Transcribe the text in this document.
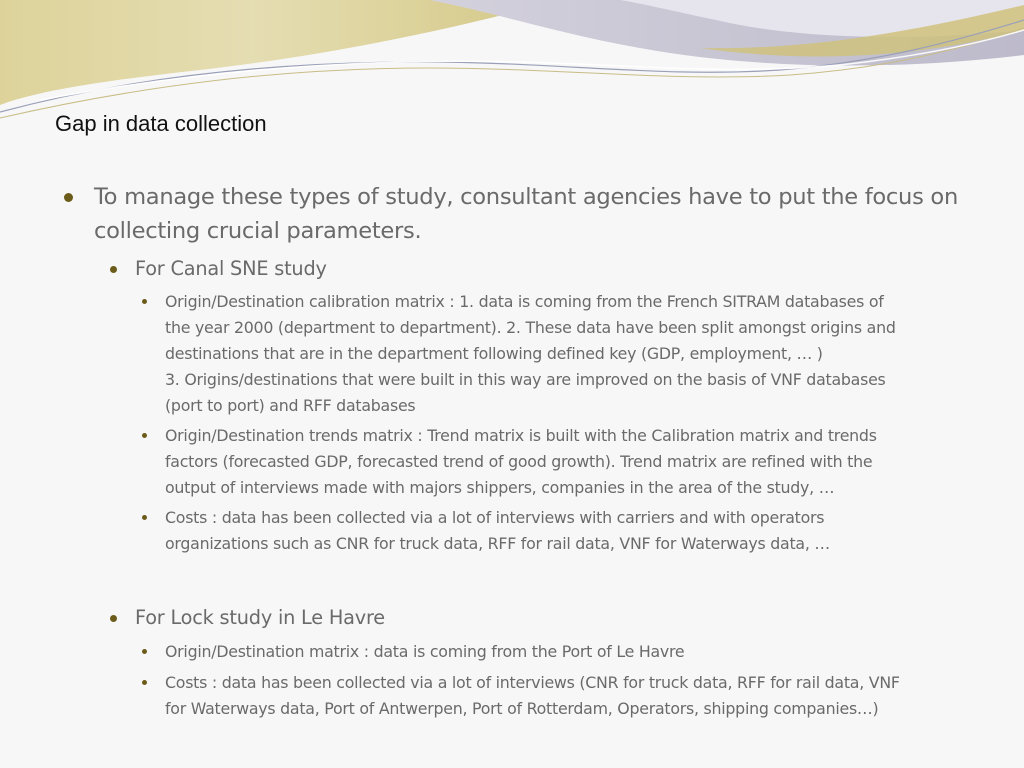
Gap in data collection

To manage these types of study, consultant agencies have to put the focus on
collecting crucial parameters.

For Canal SNE study

Origin/Destination calibration matrix : 1. data is coming from the French SITRAM databases of
the year 2000 (department to department). 2. These data have been split amongst origins and
destinations that are in the department following defined key (GDP, employment, … )
3. Origins/destinations that were built in this way are improved on the basis of VNF databases
(port to port) and RFF databases

Origin/Destination trends matrix : Trend matrix is built with the Calibration matrix and trends
factors (forecasted GDP, forecasted trend of good growth). Trend matrix are refined with the
output of interviews made with majors shippers, companies in the area of the study, …

Costs : data has been collected via a lot of interviews with carriers and with operators
organizations such as CNR for truck data, RFF for rail data, VNF for Waterways data, …

For Lock study in Le Havre

Origin/Destination matrix : data is coming from the Port of Le Havre

Costs : data has been collected via a lot of interviews (CNR for truck data, RFF for rail data, VNF
for Waterways data, Port of Antwerpen, Port of Rotterdam, Operators, shipping companies…)
